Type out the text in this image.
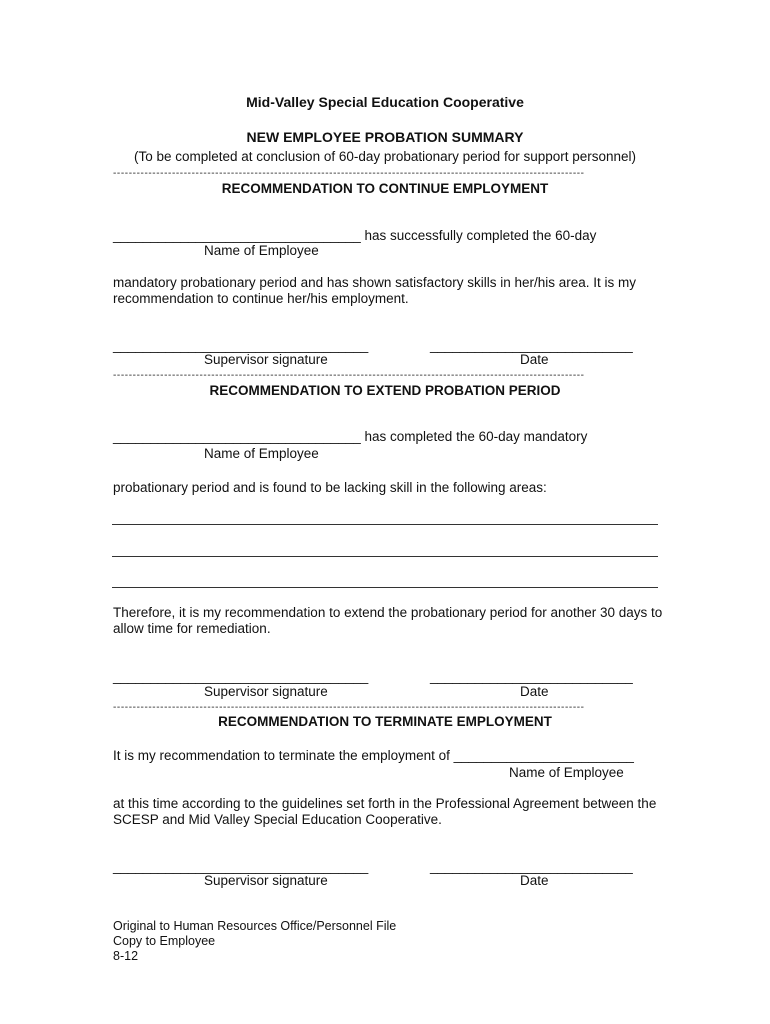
Mid-Valley Special Education Cooperative
NEW EMPLOYEE PROBATION SUMMARY
(To be completed at conclusion of 60-day probationary period for support personnel)
------------------------------------------------------------------------------------------------------------------------
RECOMMENDATION TO CONTINUE EMPLOYMENT
_________________________________ has successfully completed the 60-day
Name of Employee
mandatory probationary period and has shown satisfactory skills in her/his area. It is my recommendation to continue her/his employment.
__________________________________	___________________________
Supervisor signature	Date
------------------------------------------------------------------------------------------------------------------------
RECOMMENDATION TO EXTEND PROBATION PERIOD
_________________________________ has completed the 60-day mandatory
Name of Employee
probationary period and is found to be lacking skill in the following areas:
Therefore, it is my recommendation to extend the probationary period for another 30 days to allow time for remediation.
__________________________________	___________________________
Supervisor signature	Date
------------------------------------------------------------------------------------------------------------------------
RECOMMENDATION TO TERMINATE EMPLOYMENT
It is my recommendation to terminate the employment of ________________________
Name of Employee
at this time according to the guidelines set forth in the Professional Agreement between the SCESP and Mid Valley Special Education Cooperative.
__________________________________	___________________________
Supervisor signature	Date
Original to Human Resources Office/Personnel File
Copy to Employee
8-12
